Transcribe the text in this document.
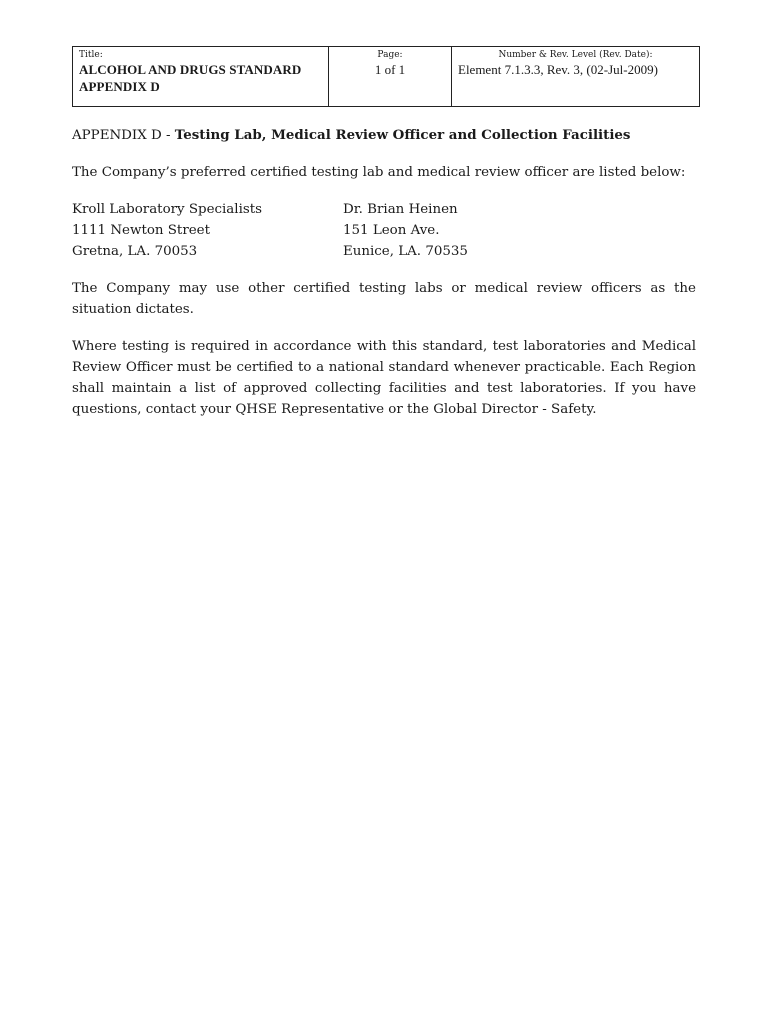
Title:
ALCOHOL AND DRUGS STANDARD
APPENDIX D
Page:
1 of 1
Number & Rev. Level (Rev. Date):
Element 7.1.3.3, Rev. 3, (02-Jul-2009)
APPENDIX D - Testing Lab, Medical Review Officer and Collection Facilities

The Company’s preferred certified testing lab and medical review officer are listed below:

Kroll Laboratory Specialists
1111 Newton Street
Gretna, LA. 70053
Dr. Brian Heinen
151 Leon Ave.
Eunice, LA. 70535

The Company may use other certified testing labs or medical review officers as the situation dictates.

Where testing is required in accordance with this standard, test laboratories and Medical Review Officer must be certified to a national standard whenever practicable. Each Region shall maintain a list of approved collecting facilities and test laboratories. If you have questions, contact your QHSE Representative or the Global Director - Safety.
